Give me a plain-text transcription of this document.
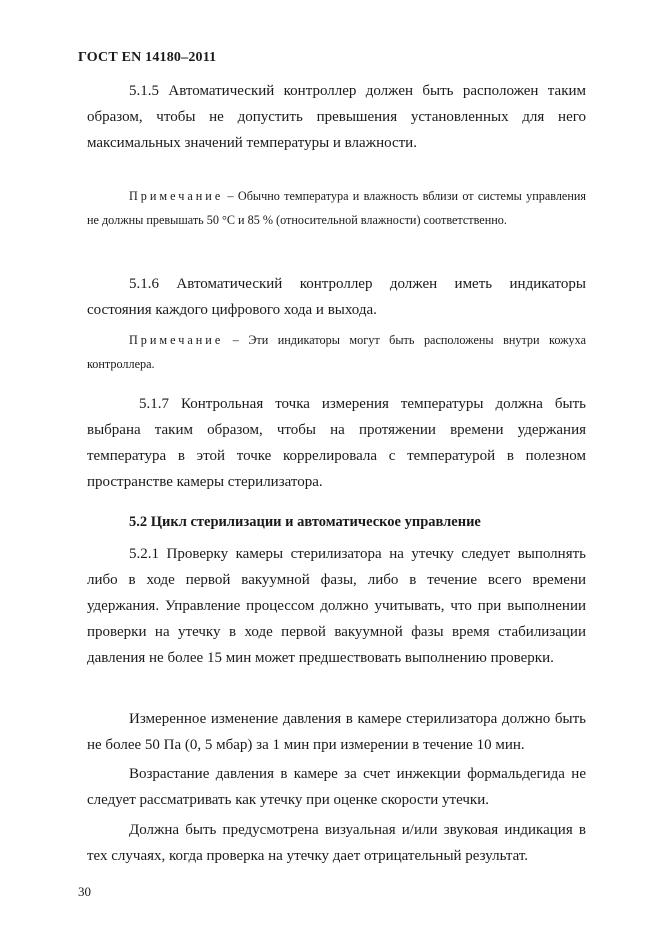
ГОСТ EN 14180–2011

5.1.5 Автоматический контроллер должен быть расположен таким образом, чтобы не допустить превышения установленных для него максимальных значений температуры и влажности.

Примечание – Обычно температура и влажность вблизи от системы управления не должны превышать 50 °С и 85 % (относительной влажности) соответственно.

5.1.6 Автоматический контроллер должен иметь индикаторы состояния каждого цифрового хода и выхода.

Примечание – Эти индикаторы могут быть расположены внутри кожуха контроллера.

5.1.7 Контрольная точка измерения температуры должна быть выбрана таким образом, чтобы на протяжении времени удержания температура в этой точке коррелировала с температурой в полезном пространстве камеры стерилизатора.

5.2 Цикл стерилизации и автоматическое управление

5.2.1 Проверку камеры стерилизатора на утечку следует выполнять либо в ходе первой вакуумной фазы, либо в течение всего времени удержания. Управление процессом должно учитывать, что при выполнении проверки на утечку в ходе первой вакуумной фазы время стабилизации давления не более 15 мин может предшествовать выполнению проверки.

Измеренное изменение давления в камере стерилизатора должно быть не более 50 Па (0, 5 мбар) за 1 мин при измерении в течение 10 мин.

Возрастание давления в камере за счет инжекции формальдегида не следует рассматривать как утечку при оценке скорости утечки.

Должна быть предусмотрена визуальная и/или звуковая индикация в тех случаях, когда проверка на утечку дает отрицательный результат.

30
